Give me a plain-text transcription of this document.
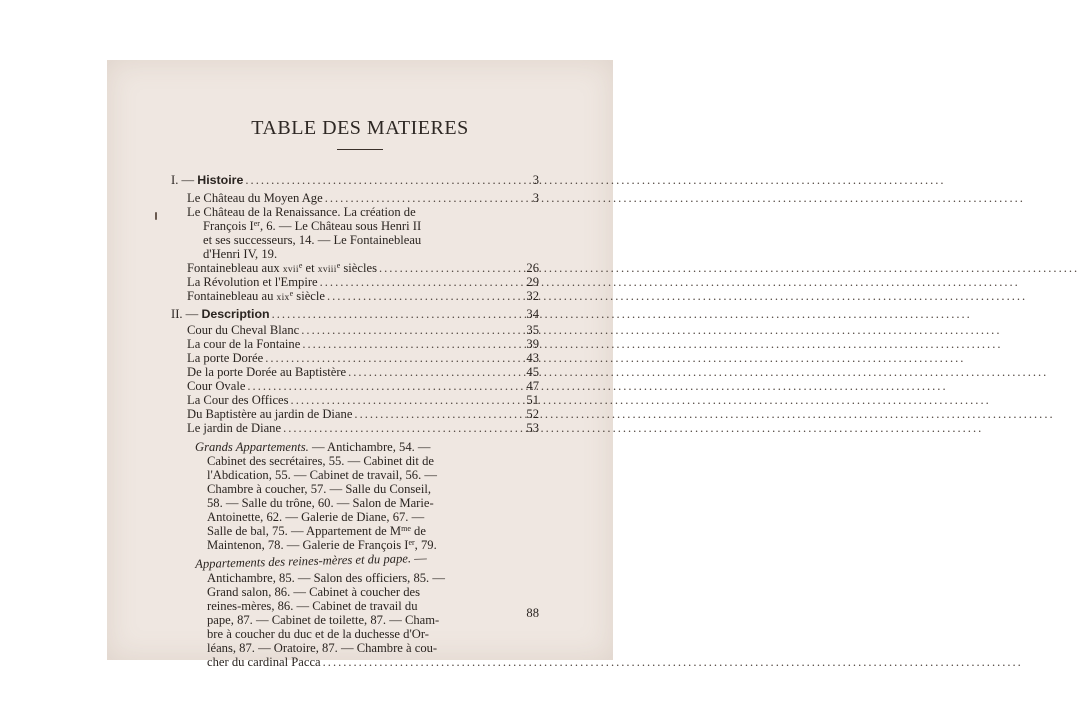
TABLE DES MATIERES
I. — Histoire .....	3
Le Château du Moyen Age .....	3
Le Château de la Renaissance. La création de
François Ier, 6. — Le Château sous Henri II
et ses successeurs, 14. — Le Fontainebleau
d'Henri IV, 19.
Fontainebleau aux xvii$^e$ et xviii$^e$ siècles .....	26
La Révolution et l'Empire .....	29
Fontainebleau au xix$^e$ siècle .....	32
II. — Description .....	34
Cour du Cheval Blanc .....	35
La cour de la Fontaine .....	39
La porte Dorée .....	43
De la porte Dorée au Baptistère .....	45
Cour Ovale .....	47
La Cour des Offices .....	51
Du Baptistère au jardin de Diane .....	52
Le jardin de Diane .....	53
Grands Appartements. — Antichambre, 54. —
Cabinet des secrétaires, 55. — Cabinet dit de
l'Abdication, 55. — Cabinet de travail, 56. —
Chambre à coucher, 57. — Salle du Conseil,
58. — Salle du trône, 60. — Salon de Marie-
Antoinette, 62. — Galerie de Diane, 67. —
Salle de bal, 75. — Appartement de $M^{me}$ de
Maintenon, 78. — Galerie de François Ier, 79.
Appartements des reines-mères et du pape. —
Antichambre, 85. — Salon des officiers, 85. —
Grand salon, 86. — Cabinet à coucher des
reines-mères, 86. — Cabinet de travail du
pape, 87. — Cabinet de toilette, 87. — Cham-
bre à coucher du duc et de la duchesse d'Or-
léans, 87. — Oratoire, 87. — Chambre à cou-
cher du cardinal Pacca
.....
88
